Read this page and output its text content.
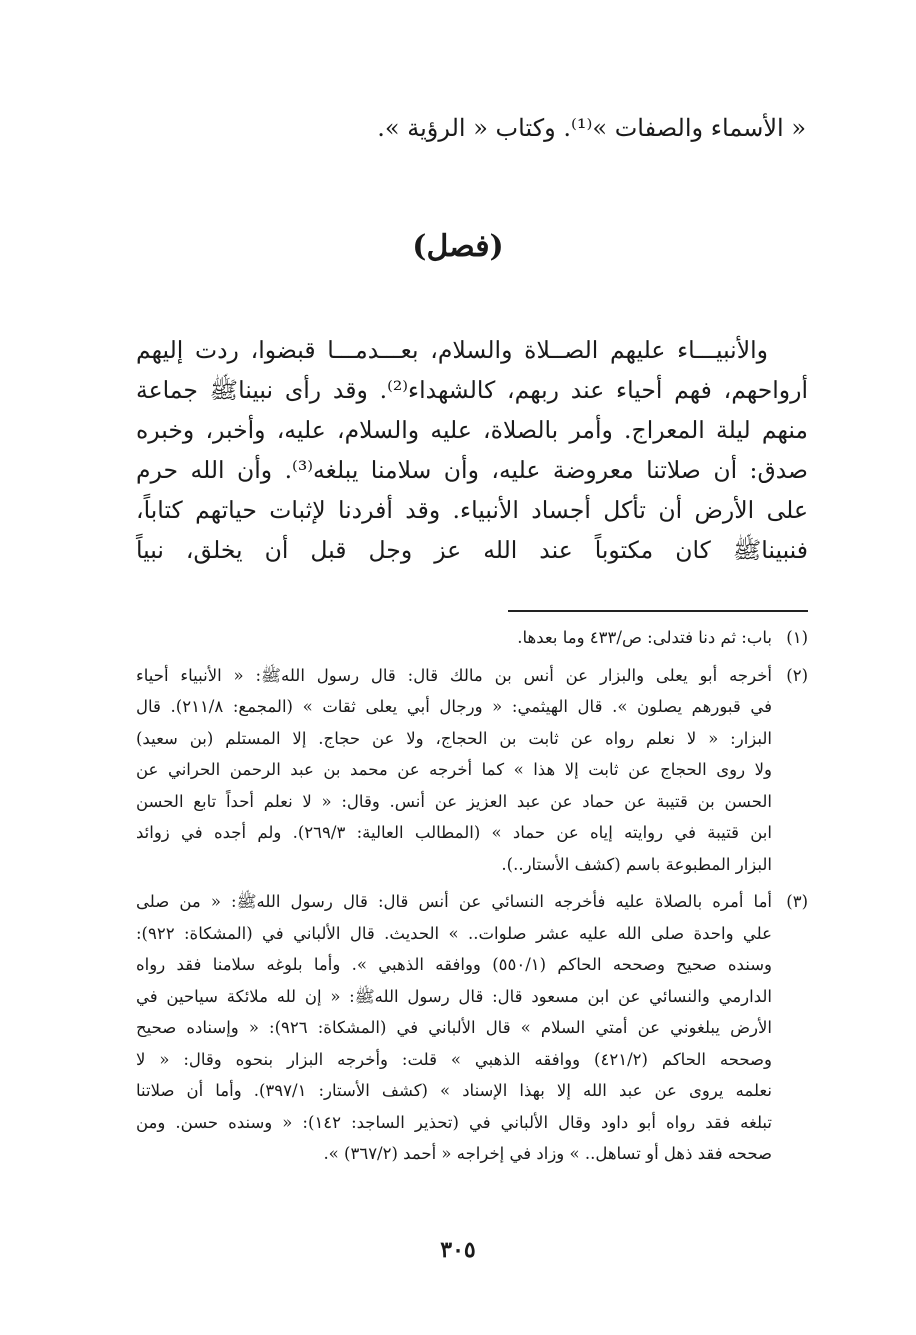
« الأسماء والصفات »⁽¹⁾. وكتاب « الرؤية ».
(فصل)
والأنبيـــاء عليهم الصــلاة والسلام، بعـــدمـــا قبضوا، ردت إليهم
أرواحهم، فهم أحياء عند ربهم، كالشهداء⁽²⁾. وقد رأى نبيناﷺ جماعة
منهم ليلة المعراج. وأمر بالصلاة، عليه والسلام، عليه، وأخبر، وخبره
صدق: أن صلاتنا معروضة عليه، وأن سلامنا يبلغه⁽³⁾. وأن الله حرم
على الأرض أن تأكل أجساد الأنبياء. وقد أفردنا لإثبات حياتهم كتاباً،
فنبيناﷺ كان مكتوباً عند الله عز وجل قبل أن يخلق، نبياً
(١)
باب: ثم دنا فتدلى: ص/٤٣٣ وما بعدها.
(٢)
أخرجه أبو يعلى والبزار عن أنس بن مالك قال: قال رسول اللهﷺ: « الأنبياء أحياء
في قبورهم يصلون ». قال الهيثمي: « ورجال أبي يعلى ثقات » (المجمع: ٢١١/٨). قال
البزار: « لا نعلم رواه عن ثابت بن الحجاج، ولا عن حجاج. إلا المستلم (بن سعيد)
ولا روى الحجاج عن ثابت إلا هذا » كما أخرجه عن محمد بن عبد الرحمن الحراني عن
الحسن بن قتيبة عن حماد عن عبد العزيز عن أنس. وقال: « لا نعلم أحداً تابع الحسن
ابن قتيبة في روايته إياه عن حماد » (المطالب العالية: ٢٦٩/٣). ولم أجده في زوائد
البزار المطبوعة باسم (كشف الأستار..).
(٣)
أما أمره بالصلاة عليه فأخرجه النسائي عن أنس قال: قال رسول اللهﷺ: « من صلى
علي واحدة صلى الله عليه عشر صلوات.. » الحديث. قال الألباني في (المشكاة: ٩٢٢):
وسنده صحيح وصححه الحاكم (٥٥٠/١) ووافقه الذهبي ». وأما بلوغه سلامنا فقد رواه
الدارمي والنسائي عن ابن مسعود قال: قال رسول اللهﷺ: « إن لله ملائكة سياحين في
الأرض يبلغوني عن أمتي السلام » قال الألباني في (المشكاة: ٩٢٦): « وإسناده صحيح
وصححه الحاكم (٤٢١/٢) ووافقه الذهبي » قلت: وأخرجه البزار بنحوه وقال: « لا
نعلمه يروى عن عبد الله إلا بهذا الإسناد » (كشف الأستار: ٣٩٧/١). وأما أن صلاتنا
تبلغه فقد رواه أبو داود وقال الألباني في (تحذير الساجد: ١٤٢): « وسنده حسن. ومن
صححه فقد ذهل أو تساهل.. » وزاد في إخراجه « أحمد (٣٦٧/٢) ».
٣٠٥
